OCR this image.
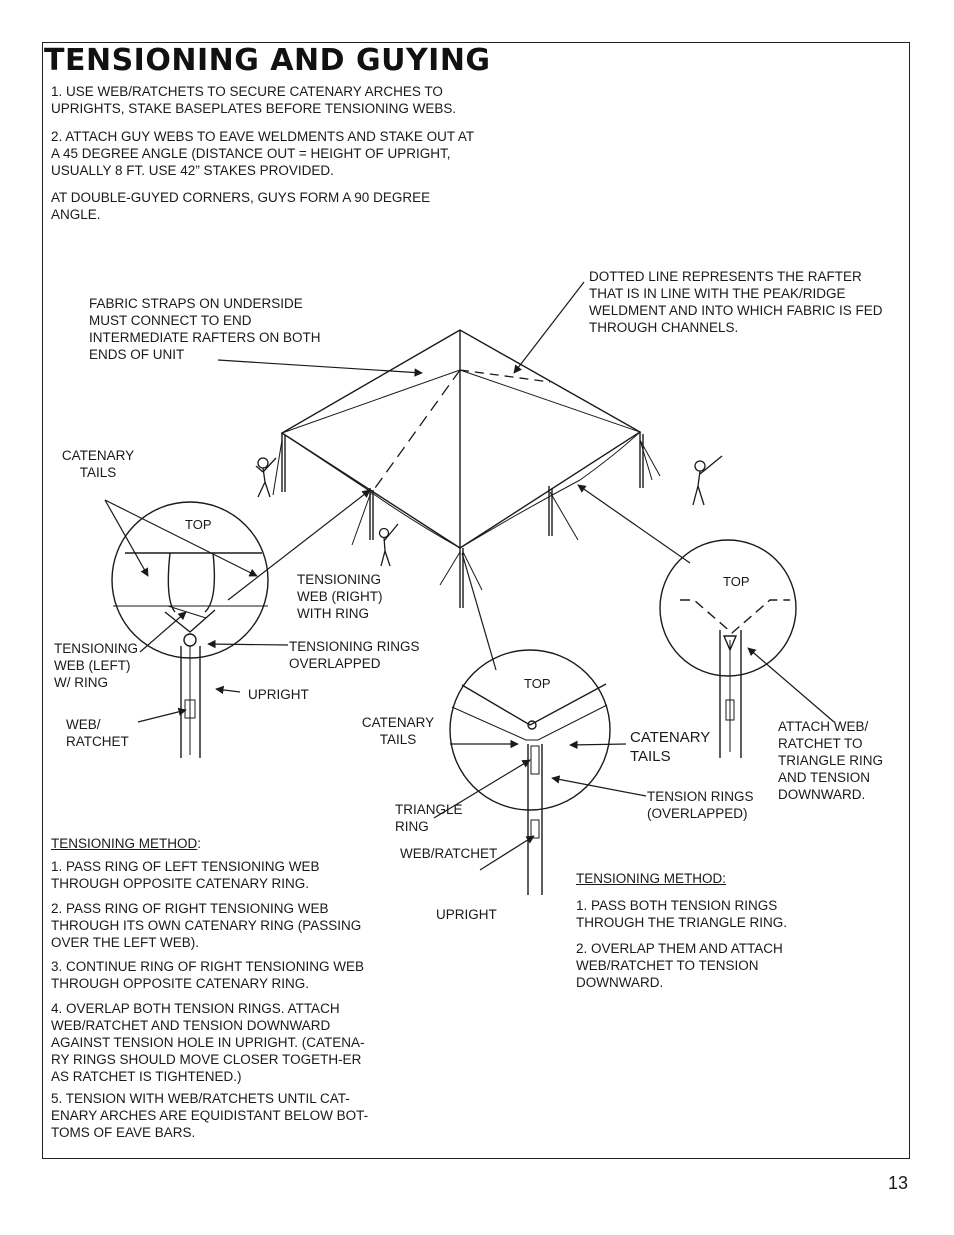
TENSIONING AND GUYING

1. USE WEB/RATCHETS TO SECURE CATENARY ARCHES TO UPRIGHTS, STAKE BASEPLATES BEFORE TENSIONING WEBS.

2. ATTACH GUY WEBS TO EAVE WELDMENTS AND STAKE OUT AT A 45 DEGREE ANGLE (DISTANCE OUT = HEIGHT OF UPRIGHT, USUALLY 8 FT. USE 42” STAKES PROVIDED.

AT DOUBLE-GUYED CORNERS, GUYS FORM A 90 DEGREE ANGLE.

FABRIC STRAPS ON UNDERSIDE MUST CONNECT TO END INTERMEDIATE RAFTERS ON BOTH ENDS OF UNIT
DOTTED LINE REPRESENTS THE RAFTER THAT IS IN LINE WITH THE PEAK/RIDGE WELDMENT AND INTO WHICH FABRIC IS FED THROUGH CHANNELS.
CATENARY TAILS
TOP
TENSIONING WEB (RIGHT) WITH RING
TENSIONING RINGS OVERLAPPED
TENSIONING WEB (LEFT) W/ RING
UPRIGHT
WEB/ RATCHET
TOP
CATENARY TAILS	CATENARY TAILS
TENSION RINGS (OVERLAPPED)
TRIANGLE RING
WEB/RATCHET
UPRIGHT
TOP
ATTACH WEB/ RATCHET TO TRIANGLE RING AND TENSION DOWNWARD.
TENSIONING METHOD:

1. PASS RING OF LEFT TENSIONING WEB THROUGH OPPOSITE CATENARY RING.

2. PASS RING OF RIGHT TENSIONING WEB THROUGH ITS OWN CATENARY RING (PASSING OVER THE LEFT WEB).

3. CONTINUE RING OF RIGHT TENSIONING WEB THROUGH OPPOSITE CATENARY RING.

4. OVERLAP BOTH TENSION RINGS. ATTACH WEB/RATCHET AND TENSION DOWNWARD AGAINST TENSION HOLE IN UPRIGHT. (CATENA-RY RINGS SHOULD MOVE CLOSER TOGETH-ER AS RATCHET IS TIGHTENED.)

5. TENSION WITH WEB/RATCHETS UNTIL CAT-ENARY ARCHES ARE EQUIDISTANT BELOW BOT-TOMS OF EAVE BARS.

TENSIONING METHOD:

1. PASS BOTH TENSION RINGS THROUGH THE TRIANGLE RING.

2. OVERLAP THEM AND ATTACH WEB/RATCHET TO TENSION DOWNWARD.

13
